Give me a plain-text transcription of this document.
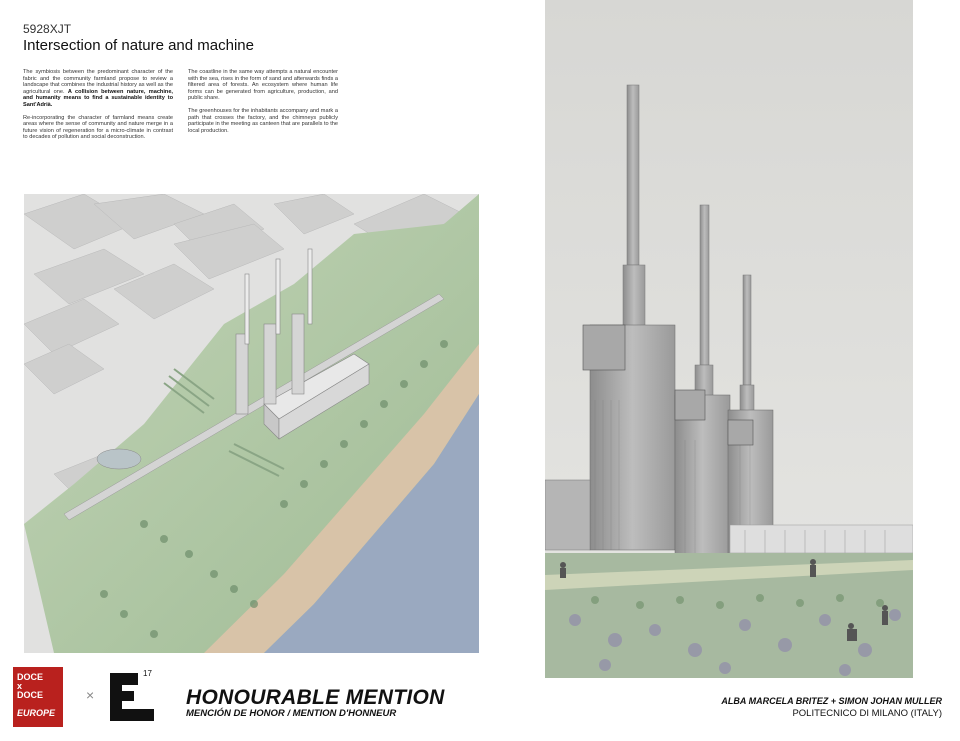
5928XJT
Intersection of nature and machine

The symbiosis between the predominant character of the fabric and the community farmland propose to review a landscape that combines the industrial history as well as the agricultural one. A collision between nature, machine, and humanity means to find a sustainable identity to Sant'Adrià.

Re-incorporating the character of farmland means create areas where the sense of community and nature merge in a future vision of regeneration for a micro-climate in contrast to decades of pollution and social deconstruction.

The coastline in the same way attempts a natural encounter with the sea, rises in the form of sand and afterwards finds a filtered area of forests. An ecosystem where human life forms can be generated from agriculture, production, and public share.

The greenhouses for the inhabitants accompany and mark a path that crosses the factory, and the chimneys publicly participate in the meeting as canteen that are parallels to the local production.

DOCE
x
DOCE
EUROPE
×
17
HONOURABLE MENTION
MENCIÓN DE HONOR / MENTION D'HONNEUR
ALBA MARCELA BRITEZ + SIMON JOHAN MULLER
POLITECNICO DI MILANO (ITALY)
